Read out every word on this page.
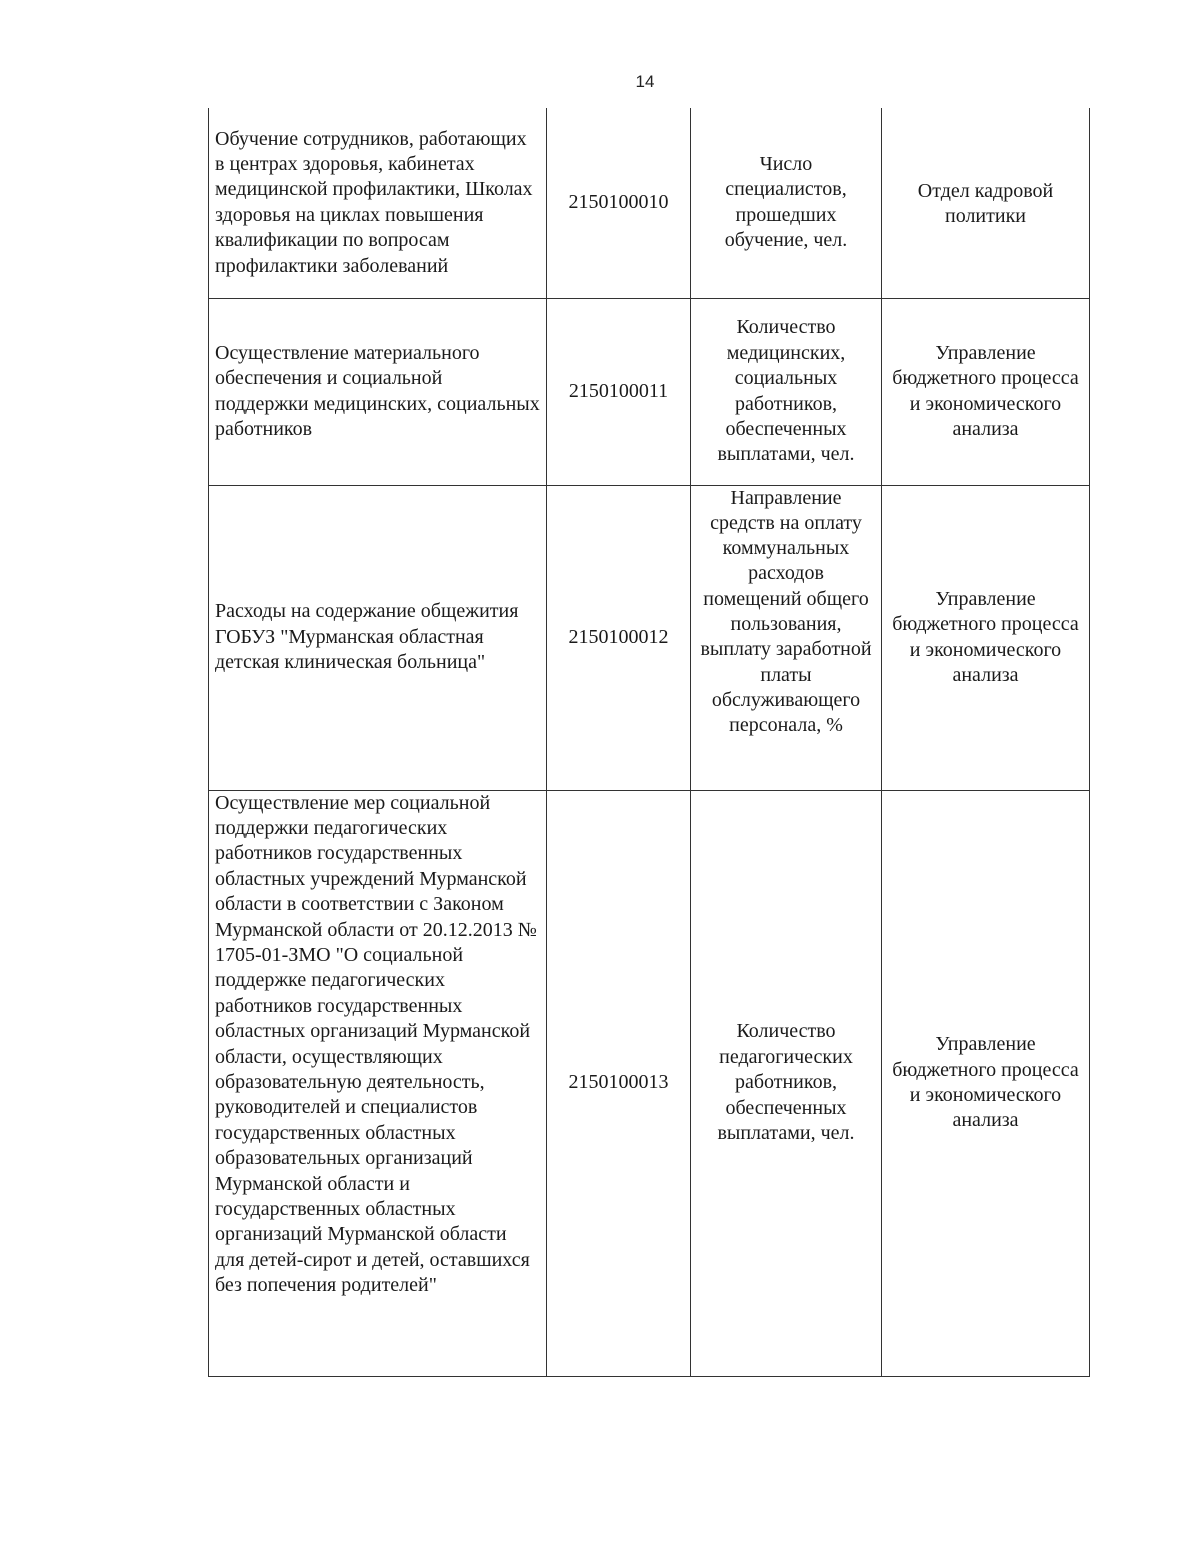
14
Обучение сотрудников, работающих в центрах здоровья, кабинетах медицинской профилактики, Школах здоровья на циклах повышения квалификации по вопросам профилактики заболеваний	2150100010	Число специалистов, прошедших обучение, чел.	Отдел кадровой политики

Осуществление материального обеспечения и социальной поддержки медицинских, социальных работников	2150100011	Количество медицинских, социальных работников, обеспеченных выплатами, чел.	Управление бюджетного процесса и экономического анализа

Расходы на содержание общежития ГОБУЗ "Мурманская областная детская клиническая больница"	2150100012	Направление средств на оплату коммунальных расходов помещений общего пользования, выплату заработной платы обслуживающего персонала, %	Управление бюджетного процесса и экономического анализа

Осуществление мер социальной поддержки педагогических работников государственных областных учреждений Мурманской области в соответствии с Законом Мурманской области от 20.12.2013 № 1705-01-ЗМО "О социальной поддержке педагогических работников государственных областных организаций Мурманской области, осуществляющих образовательную деятельность, руководителей и специалистов государственных областных образовательных организаций Мурманской области и государственных областных организаций Мурманской области для детей-сирот и детей, оставшихся без попечения родителей"	2150100013	Количество педагогических работников, обеспеченных выплатами, чел.	Управление бюджетного процесса и экономического анализа
